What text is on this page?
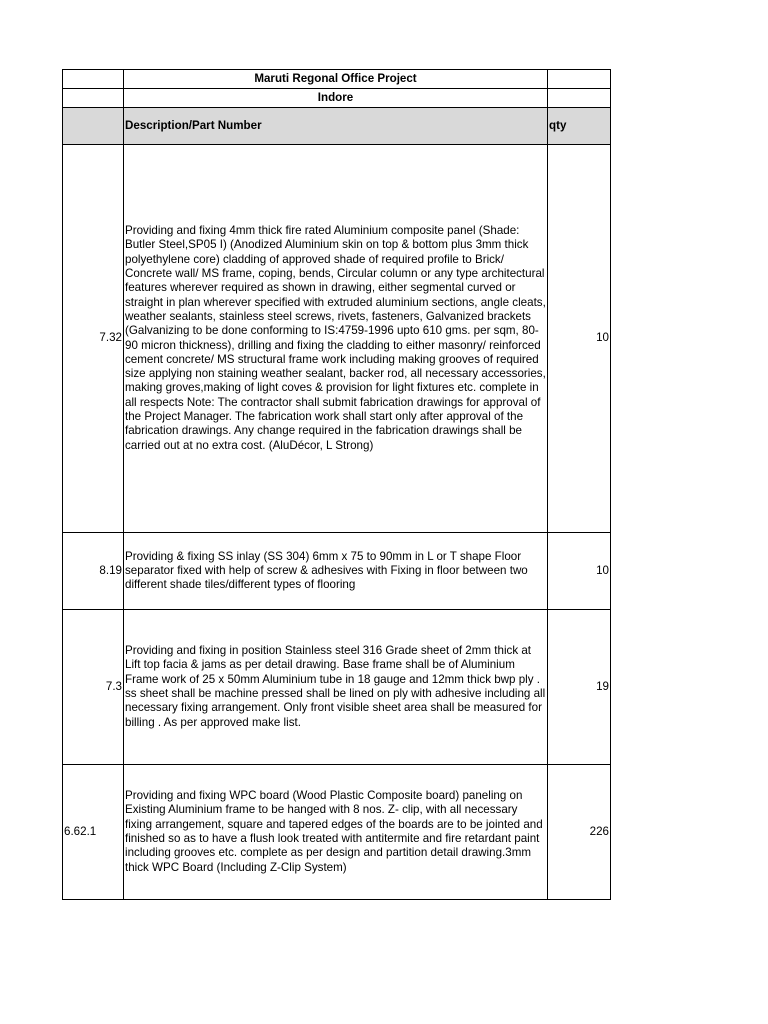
	Maruti Regonal Office Project	
	Indore	
	Description/Part Number	qty
7.32	Providing and fixing 4mm thick fire rated Aluminium composite panel (Shade: Butler Steel,SP05 I) (Anodized Aluminium skin on top & bottom plus 3mm thick polyethylene core) cladding of approved shade of required profile to Brick/ Concrete wall/ MS frame, coping, bends, Circular column or any type architectural features wherever required as shown in drawing, either segmental curved or straight in plan wherever specified with extruded aluminium sections, angle cleats, weather sealants, stainless steel screws, rivets, fasteners, Galvanized brackets (Galvanizing to be done conforming to IS:4759-1996 upto 610 gms. per sqm, 80-90 micron thickness), drilling and fixing the cladding to either masonry/ reinforced cement concrete/ MS structural frame work including making grooves of required size applying non staining weather sealant, backer rod, all necessary accessories, making groves,making of light coves & provision for light fixtures etc. complete in all respects Note: The contractor shall submit fabrication drawings for approval of the Project Manager. The fabrication work shall start only after approval of the fabrication drawings. Any change required in the fabrication drawings shall be carried out at no extra cost. (AluDécor, L Strong)	10
8.19	Providing & fixing SS inlay (SS 304) 6mm x 75 to 90mm in L or T shape Floor separator fixed with help of screw & adhesives with Fixing in floor between two different shade tiles/different types of flooring	10
7.3	Providing and fixing in position Stainless steel 316 Grade sheet of 2mm thick at Lift top facia & jams as per detail drawing. Base frame shall be of Aluminium Frame work of 25 x 50mm Aluminium tube in 18 gauge and 12mm thick bwp ply . ss sheet shall be machine pressed shall be lined on ply with adhesive including all necessary fixing arrangement. Only front visible sheet area shall be measured for billing . As per approved make list.	19
6.62.1	Providing and fixing WPC board (Wood Plastic Composite board) paneling on Existing Aluminium frame to be hanged with 8 nos. Z- clip, with all necessary fixing arrangement, square and tapered edges of the boards are to be jointed and finished so as to have a flush look treated with antitermite and fire retardant paint including grooves etc. complete as per design and partition detail drawing.3mm thick WPC Board (Including Z-Clip System)	226
